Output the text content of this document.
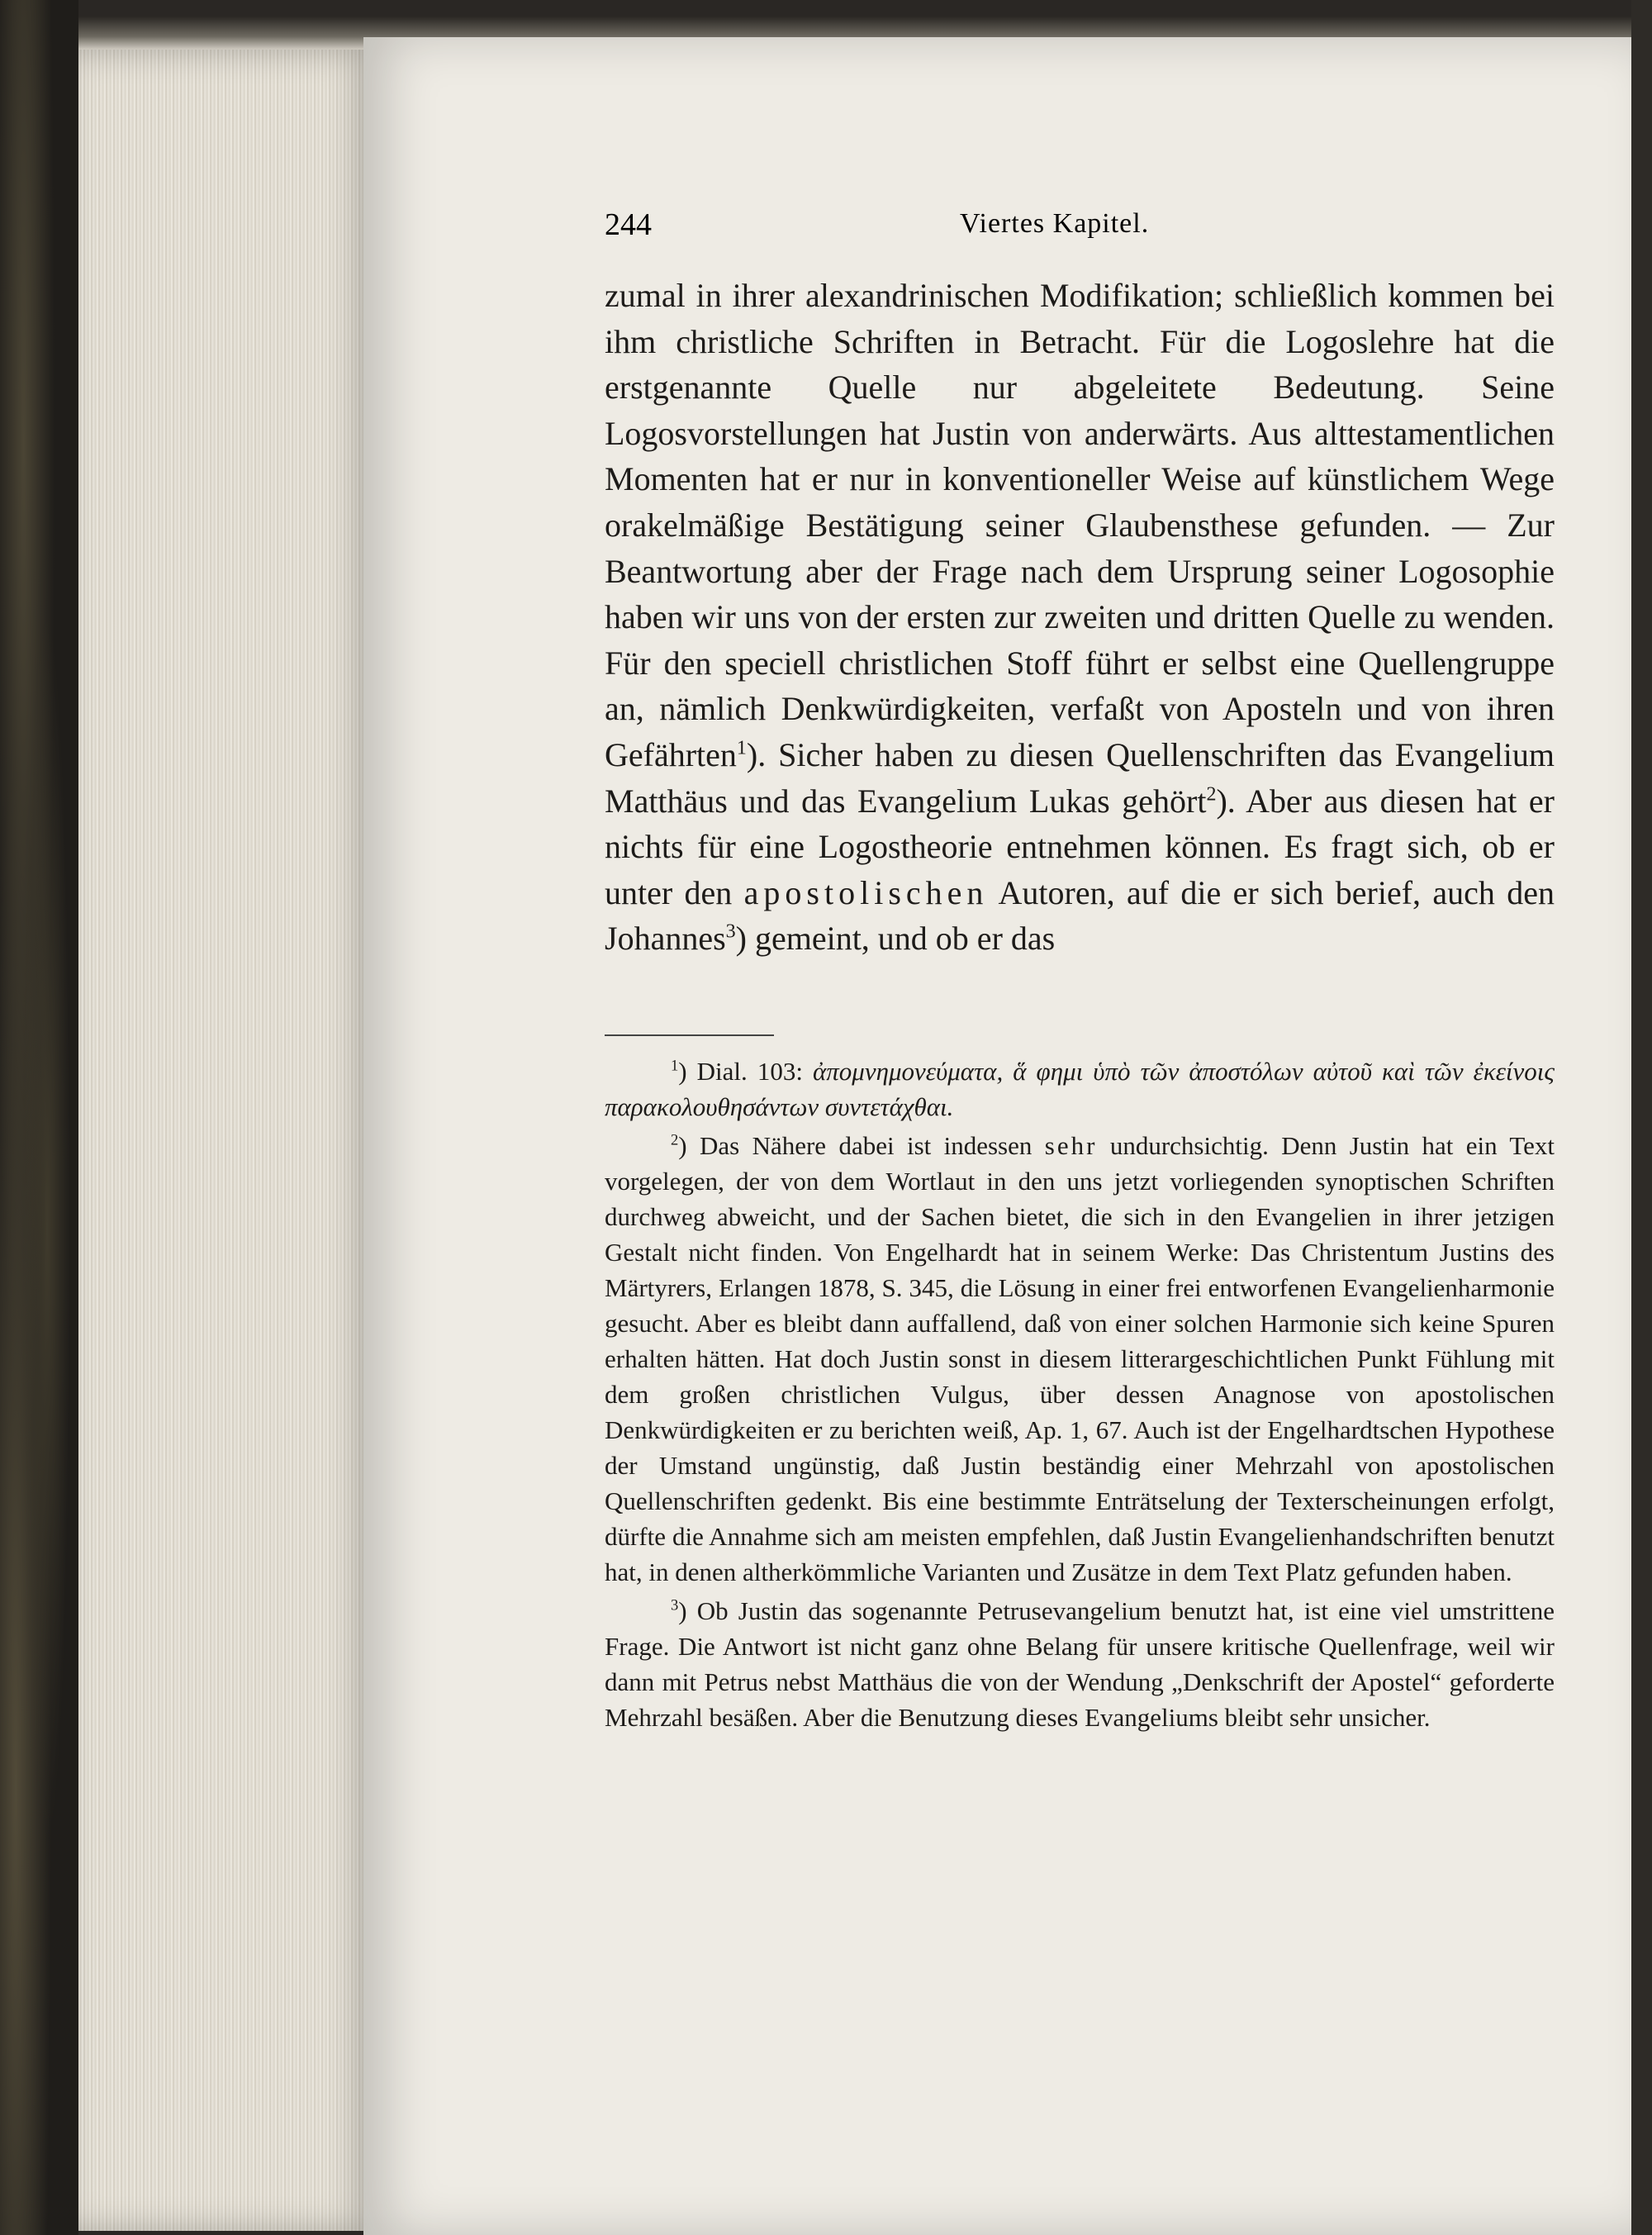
244	Viertes Kapitel.

zumal in ihrer alexandrinischen Modifikation; schließlich kommen bei ihm christliche Schriften in Betracht. Für die Logoslehre hat die erstgenannte Quelle nur abgeleitete Bedeutung. Seine Logosvorstellungen hat Justin von anderwärts. Aus alttestamentlichen Momenten hat er nur in konventioneller Weise auf künstlichem Wege orakelmäßige Bestätigung seiner Glaubensthese gefunden. — Zur Beantwortung aber der Frage nach dem Ursprung seiner Logosophie haben wir uns von der ersten zur zweiten und dritten Quelle zu wenden. Für den speciell christlichen Stoff führt er selbst eine Quellengruppe an, nämlich Denkwürdigkeiten, verfaßt von Aposteln und von ihren Gefährten$^1$). Sicher haben zu diesen Quellenschriften das Evangelium Matthäus und das Evangelium Lukas gehört$^2$). Aber aus diesen hat er nichts für eine Logostheorie entnehmen können. Es fragt sich, ob er unter den apostolischen Autoren, auf die er sich berief, auch den Johannes$^3$) gemeint, und ob er das

$^1$) Dial. 103: ἀπομνημονεύματα, ἅ φημι ὑπὸ τῶν ἀποστόλων αὐτοῦ καὶ τῶν ἐκείνοις παρακολουθησάντων συντετάχθαι.

$^2$) Das Nähere dabei ist indessen sehr undurchsichtig. Denn Justin hat ein Text vorgelegen, der von dem Wortlaut in den uns jetzt vorliegenden synoptischen Schriften durchweg abweicht, und der Sachen bietet, die sich in den Evangelien in ihrer jetzigen Gestalt nicht finden. Von Engelhardt hat in seinem Werke: Das Christentum Justins des Märtyrers, Erlangen 1878, S. 345, die Lösung in einer frei entworfenen Evangelienharmonie gesucht. Aber es bleibt dann auffallend, daß von einer solchen Harmonie sich keine Spuren erhalten hätten. Hat doch Justin sonst in diesem litterargeschichtlichen Punkt Fühlung mit dem großen christlichen Vulgus, über dessen Anagnose von apostolischen Denkwürdigkeiten er zu berichten weiß, Ap. 1, 67. Auch ist der Engelhardtschen Hypothese der Umstand ungünstig, daß Justin beständig einer Mehrzahl von apostolischen Quellenschriften gedenkt. Bis eine bestimmte Enträtselung der Texterscheinungen erfolgt, dürfte die Annahme sich am meisten empfehlen, daß Justin Evangelienhandschriften benutzt hat, in denen altherkömmliche Varianten und Zusätze in dem Text Platz gefunden haben.

$^3$) Ob Justin das sogenannte Petrusevangelium benutzt hat, ist eine viel umstrittene Frage. Die Antwort ist nicht ganz ohne Belang für unsere kritische Quellenfrage, weil wir dann mit Petrus nebst Matthäus die von der Wendung „Denkschrift der Apostel“ geforderte Mehrzahl besäßen. Aber die Benutzung dieses Evangeliums bleibt sehr unsicher.
